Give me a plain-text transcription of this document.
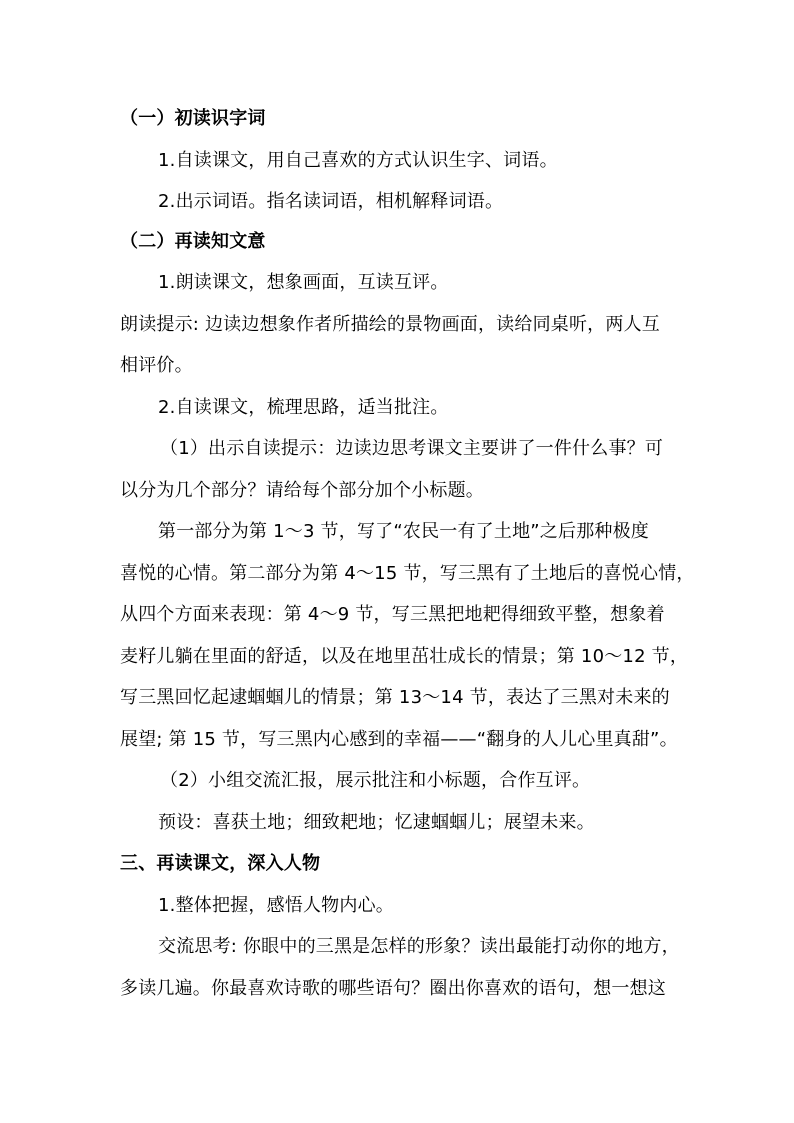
（一）初读识字词
1.自读课文，用自己喜欢的方式认识生字、词语。
2.出示词语。指名读词语，相机解释词语。
（二）再读知文意
1.朗读课文，想象画面，互读互评。
朗读提示: 边读边想象作者所描绘的景物画面，读给同桌听，两人互
相评价。
2.自读课文，梳理思路，适当批注。
（1）出示自读提示：边读边思考课文主要讲了一件什么事？可
以分为几个部分？请给每个部分加个小标题。
第一部分为第 1～3 节，写了“农民一有了土地”之后那种极度
喜悦的心情。第二部分为第 4～15 节，写三黑有了土地后的喜悦心情，
从四个方面来表现：第 4～9 节，写三黑把地耙得细致平整，想象着
麦籽儿躺在里面的舒适，以及在地里茁壮成长的情景；第 10～12 节，
写三黑回忆起逮蝈蝈儿的情景；第 13～14 节，表达了三黑对未来的
展望; 第 15 节，写三黑内心感到的幸福——“翻身的人儿心里真甜”。
（2）小组交流汇报，展示批注和小标题，合作互评。
预设：喜获土地；细致耙地；忆逮蝈蝈儿；展望未来。
三、再读课文，深入人物
1.整体把握，感悟人物内心。
交流思考: 你眼中的三黑是怎样的形象？读出最能打动你的地方，
多读几遍。你最喜欢诗歌的哪些语句？圈出你喜欢的语句，想一想这
